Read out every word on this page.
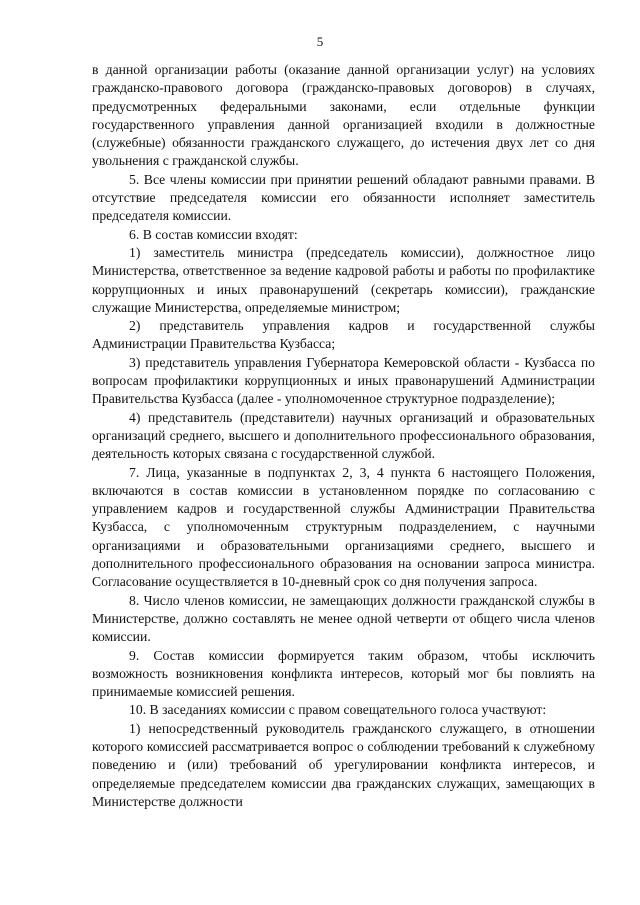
5

в данной организации работы (оказание данной организации услуг) на условиях гражданско-правового договора (гражданско-правовых договоров) в случаях, предусмотренных федеральными законами, если отдельные функции государственного управления данной организацией входили в должностные (служебные) обязанности гражданского служащего, до истечения двух лет со дня увольнения с гражданской службы.

5. Все члены комиссии при принятии решений обладают равными правами. В отсутствие председателя комиссии его обязанности исполняет заместитель председателя комиссии.

6. В состав комиссии входят:

1) заместитель министра (председатель комиссии), должностное лицо Министерства, ответственное за ведение кадровой работы и работы по профилактике коррупционных и иных правонарушений (секретарь комиссии), гражданские служащие Министерства, определяемые министром;

2) представитель управления кадров и государственной службы Администрации Правительства Кузбасса;

3) представитель управления Губернатора Кемеровской области - Кузбасса по вопросам профилактики коррупционных и иных правонарушений Администрации Правительства Кузбасса (далее - уполномоченное структурное подразделение);

4) представитель (представители) научных организаций и образовательных организаций среднего, высшего и дополнительного профессионального образования, деятельность которых связана с государственной службой.

7. Лица, указанные в подпунктах 2, 3, 4 пункта 6 настоящего Положения, включаются в состав комиссии в установленном порядке по согласованию с управлением кадров и государственной службы Администрации Правительства Кузбасса, с уполномоченным структурным подразделением, с научными организациями и образовательными организациями среднего, высшего и дополнительного профессионального образования на основании запроса министра. Согласование осуществляется в 10-дневный срок со дня получения запроса.

8. Число членов комиссии, не замещающих должности гражданской службы в Министерстве, должно составлять не менее одной четверти от общего числа членов комиссии.

9. Состав комиссии формируется таким образом, чтобы исключить возможность возникновения конфликта интересов, который мог бы повлиять на принимаемые комиссией решения.

10. В заседаниях комиссии с правом совещательного голоса участвуют:

1) непосредственный руководитель гражданского служащего, в отношении которого комиссией рассматривается вопрос о соблюдении требований к служебному поведению и (или) требований об урегулировании конфликта интересов, и определяемые председателем комиссии два гражданских служащих, замещающих в Министерстве должности
